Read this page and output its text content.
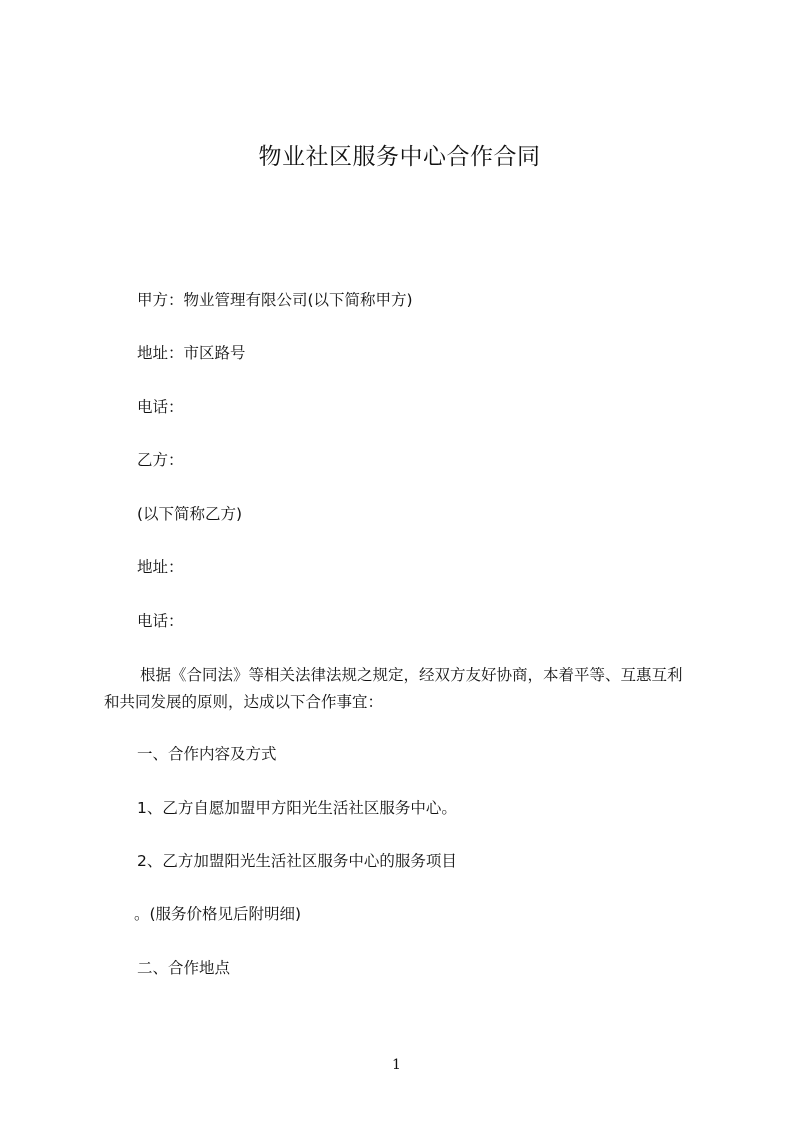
物业社区服务中心合作合同
甲方：物业管理有限公司(以下简称甲方)
地址：市区路号
电话：
乙方：
(以下简称乙方)
地址：
电话：
根据《合同法》等相关法律法规之规定，经双方友好协商，本着平等、互惠互利
和共同发展的原则，达成以下合作事宜：
一、合作内容及方式
1、乙方自愿加盟甲方阳光生活社区服务中心。
2、乙方加盟阳光生活社区服务中心的服务项目
。(服务价格见后附明细)
二、合作地点
1
